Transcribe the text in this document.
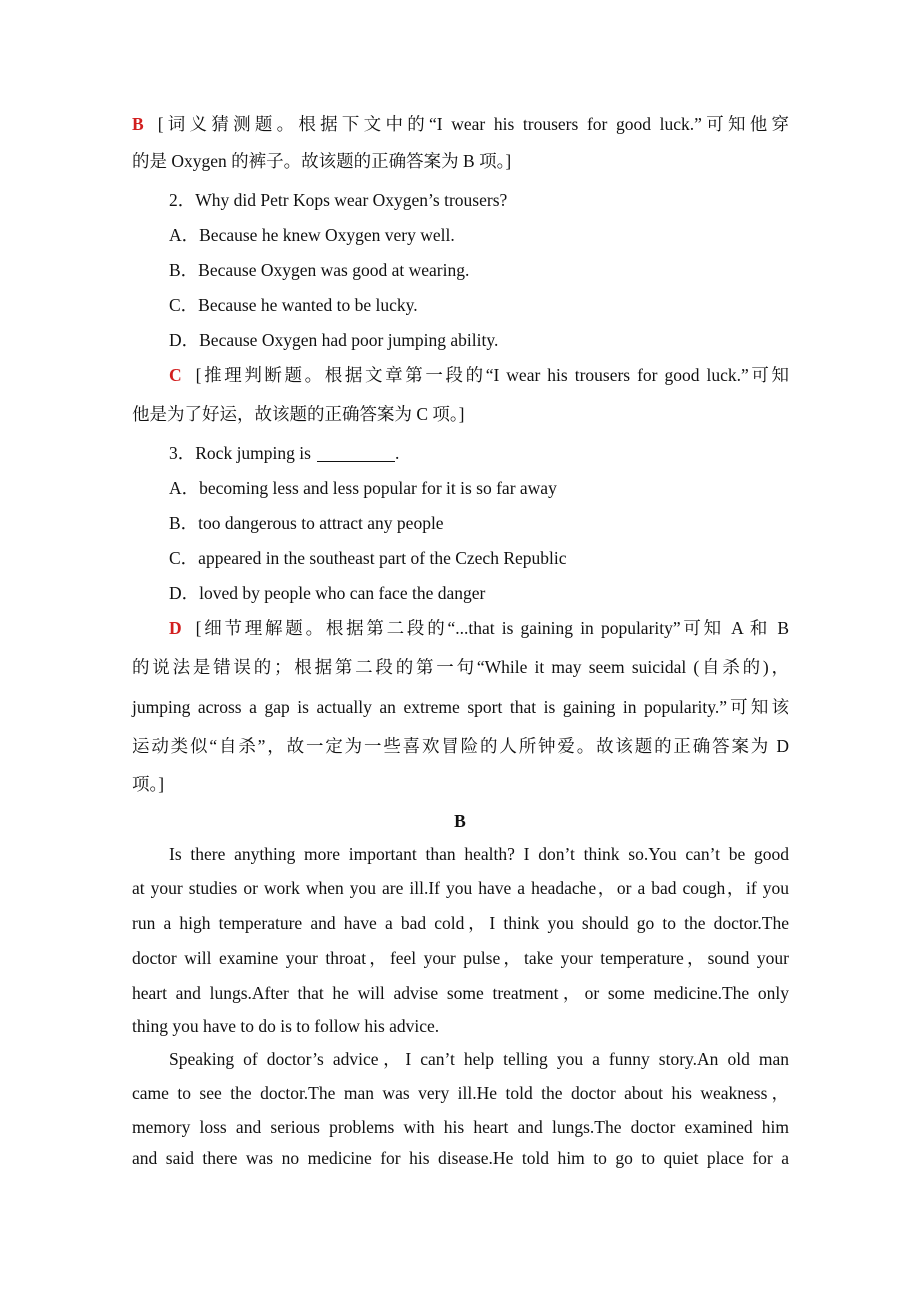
B [词义猜测题。根据下文中的“I wear his trousers for good luck.”可知他穿
的是 Oxygen 的裤子。故该题的正确答案为 B 项。]
2．Why did Petr Kops wear Oxygen’s trousers?
A．Because he knew Oxygen very well.
B．Because Oxygen was good at wearing.
C．Because he wanted to be lucky.
D．Because Oxygen had poor jumping ability.
C [推理判断题。根据文章第一段的“I wear his trousers for good luck.”可知
他是为了好运，故该题的正确答案为 C 项。]
3．Rock jumping is	.
A．becoming less and less popular for it is so far away
B．too dangerous to attract any people
C．appeared in the southeast part of the Czech Republic
D．loved by people who can face the danger
D [细节理解题。根据第二段的“...that is gaining in popularity”可知 A 和 B
的说法是错误的；根据第二段的第一句“While it may seem suicidal (自杀的)，
jumping across a gap is actually an extreme sport that is gaining in popularity.”可知该
运动类似“自杀”，故一定为一些喜欢冒险的人所钟爱。故该题的正确答案为 D
项。]
B
Is there anything more important than health? I don’t think so.You can’t be good
at your studies or work when you are ill.If you have a headache，or a bad cough，if you
run a high temperature and have a bad cold，I think you should go to the doctor.The
doctor will examine your throat，feel your pulse，take your temperature，sound your
heart and lungs.After that he will advise some treatment，or some medicine.The only
thing you have to do is to follow his advice.
Speaking of doctor’s advice，I can’t help telling you a funny story.An old man
came to see the doctor.The man was very ill.He told the doctor about his weakness，
memory loss and serious problems with his heart and lungs.The doctor examined him
and said there was no medicine for his disease.He told him to go to quiet place for a
